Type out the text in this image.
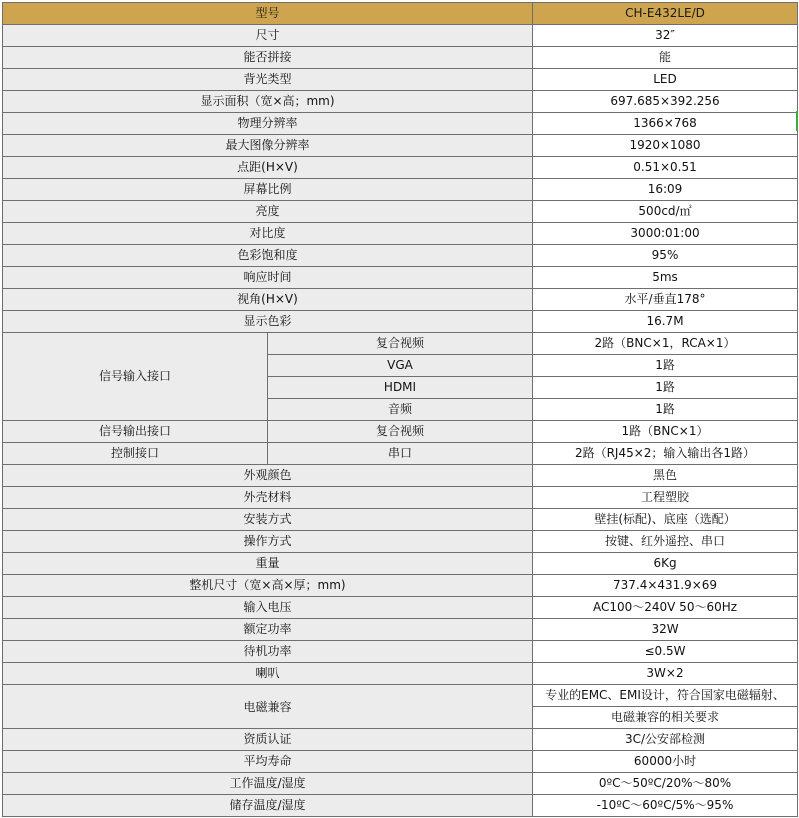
型号		CH-E432LE/D
尺寸		32″
能否拼接		能
背光类型		LED
显示面积（宽×高；mm)		697.685×392.256
物理分辨率		1366×768
最大图像分辨率		1920×1080
点距(H×V)		0.51×0.51
屏幕比例		16:09
亮度		500cd/㎡
对比度		3000:01:00
色彩饱和度		95%
响应时间		5ms
视角(H×V)		水平/垂直178°
显示色彩		16.7M
信号输入接口	复合视频	2路（BNC×1，RCA×1）
	VGA	1路
	HDMI	1路
	音频	1路
信号输出接口	复合视频	1路（BNC×1）
控制接口	串口	2路（RJ45×2；输入输出各1路）
外观颜色		黑色
外壳材料		工程塑胶
安装方式		壁挂(标配)、底座（选配）
操作方式		按键、红外遥控、串口
重量		6Kg
整机尺寸（宽×高×厚；mm)		737.4×431.9×69
输入电压		AC100～240V 50～60Hz
额定功率		32W
待机功率		≤0.5W
喇叭		3W×2
电磁兼容		专业的EMC、EMI设计，符合国家电磁辐射、
电磁兼容的相关要求

资质认证		3C/公安部检测
平均寿命		60000小时
工作温度/湿度		0ºC～50ºC/20%～80%
储存温度/湿度		-10ºC～60ºC/5%～95%
